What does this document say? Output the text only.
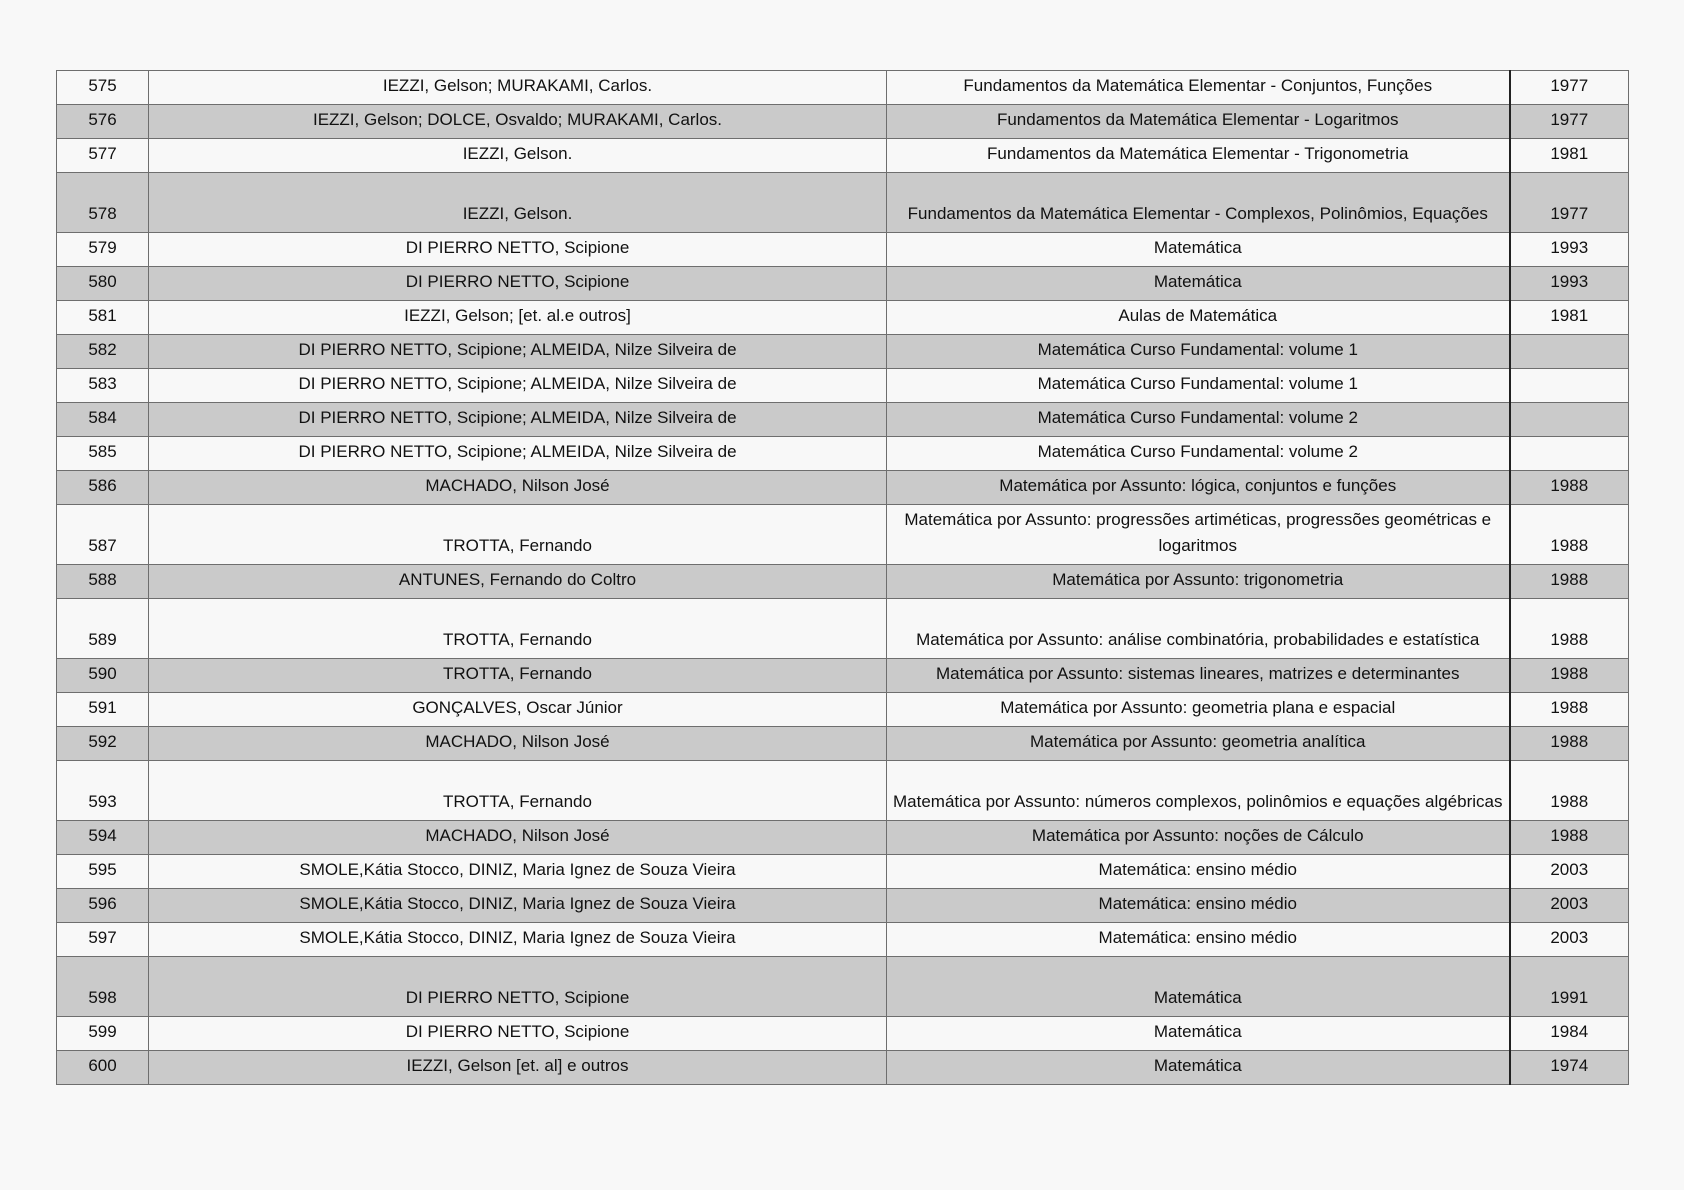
575	IEZZI, Gelson; MURAKAMI, Carlos.	Fundamentos da Matemática Elementar - Conjuntos, Funções	1977
576	IEZZI, Gelson; DOLCE, Osvaldo; MURAKAMI, Carlos.	Fundamentos da Matemática Elementar - Logaritmos	1977
577	IEZZI, Gelson.	Fundamentos da Matemática Elementar - Trigonometria	1981
578	IEZZI, Gelson.	Fundamentos da Matemática Elementar - Complexos, Polinômios, Equações	1977
579	DI PIERRO NETTO, Scipione	Matemática	1993
580	DI PIERRO NETTO, Scipione	Matemática	1993
581	IEZZI, Gelson; [et. al.e outros]	Aulas de Matemática	1981
582	DI PIERRO NETTO, Scipione; ALMEIDA, Nilze Silveira de	Matemática Curso Fundamental: volume 1	
583	DI PIERRO NETTO, Scipione; ALMEIDA, Nilze Silveira de	Matemática Curso Fundamental: volume 1	
584	DI PIERRO NETTO, Scipione; ALMEIDA, Nilze Silveira de	Matemática Curso Fundamental: volume 2	
585	DI PIERRO NETTO, Scipione; ALMEIDA, Nilze Silveira de	Matemática Curso Fundamental: volume 2	
586	MACHADO, Nilson José	Matemática por Assunto: lógica, conjuntos e funções	1988
587	TROTTA, Fernando	Matemática por Assunto: progressões artiméticas, progressões geométricas e logaritmos	1988
588	ANTUNES, Fernando do Coltro	Matemática por Assunto: trigonometria	1988
589	TROTTA, Fernando	Matemática por Assunto: análise combinatória, probabilidades e estatística	1988
590	TROTTA, Fernando	Matemática por Assunto: sistemas lineares, matrizes e determinantes	1988
591	GONÇALVES, Oscar Júnior	Matemática por Assunto: geometria plana e espacial	1988
592	MACHADO, Nilson José	Matemática por Assunto: geometria analítica	1988
593	TROTTA, Fernando	Matemática por Assunto: números complexos, polinômios e equações algébricas	1988
594	MACHADO, Nilson José	Matemática por Assunto: noções de Cálculo	1988
595	SMOLE,Kátia Stocco, DINIZ, Maria Ignez de Souza Vieira	Matemática: ensino médio	2003
596	SMOLE,Kátia Stocco, DINIZ, Maria Ignez de Souza Vieira	Matemática: ensino médio	2003
597	SMOLE,Kátia Stocco, DINIZ, Maria Ignez de Souza Vieira	Matemática: ensino médio	2003
598	DI PIERRO NETTO, Scipione	Matemática	1991
599	DI PIERRO NETTO, Scipione	Matemática	1984
600	IEZZI, Gelson [et. al] e outros	Matemática	1974
